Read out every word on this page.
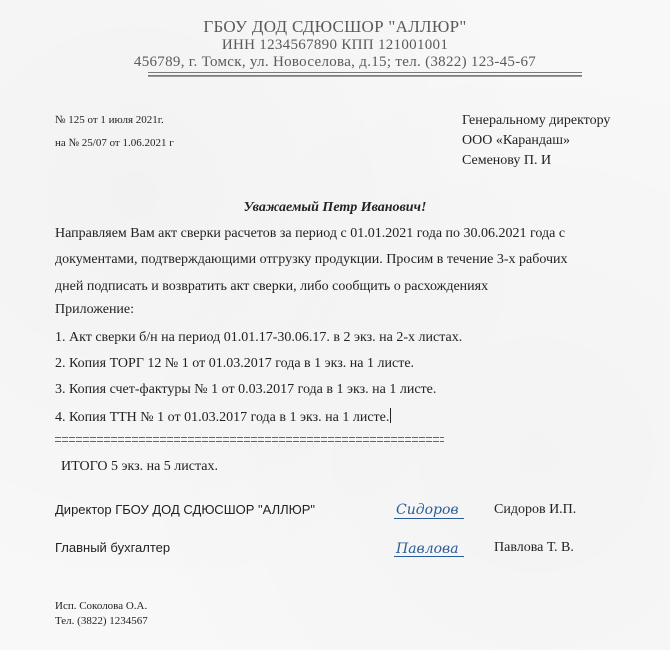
ГБОУ ДОД СДЮСШОР "АЛЛЮР"
ИНН 1234567890 КПП 121001001
456789, г. Томск, ул. Новоселова, д.15; тел. (3822) 123-45-67
№ 125 от 1 июля 2021г.
на № 25/07 от 1.06.2021 г
Генеральному директору
ООО «Карандаш»
Семенову П. И
Уважаемый Петр Иванович!
Направляем Вам акт сверки расчетов за период с 01.01.2021 года по 30.06.2021 года с
документами, подтверждающими отгрузку продукции. Просим в течение 3-х рабочих
дней подписать и возвратить акт сверки, либо сообщить о расхождениях
Приложение:
1. Акт сверки б/н на период 01.01.17-30.06.17. в 2 экз. на 2-х листах.
2. Копия ТОРГ 12 № 1 от 01.03.2017 года в 1 экз. на 1 листе.
3. Копия счет-фактуры № 1 от 0.03.2017 года в 1 экз. на 1 листе.
4. Копия ТТН № 1 от 01.03.2017 года в 1 экз. на 1 листе.
ИТОГО 5 экз. на 5 листах.
Директор ГБОУ ДОД СДЮСШОР "АЛЛЮР"	Сидоров	Сидоров И.П.
Главный бухгалтер	Павлова	Павлова Т. В.
Исп. Соколова О.А.
Тел. (3822) 1234567
